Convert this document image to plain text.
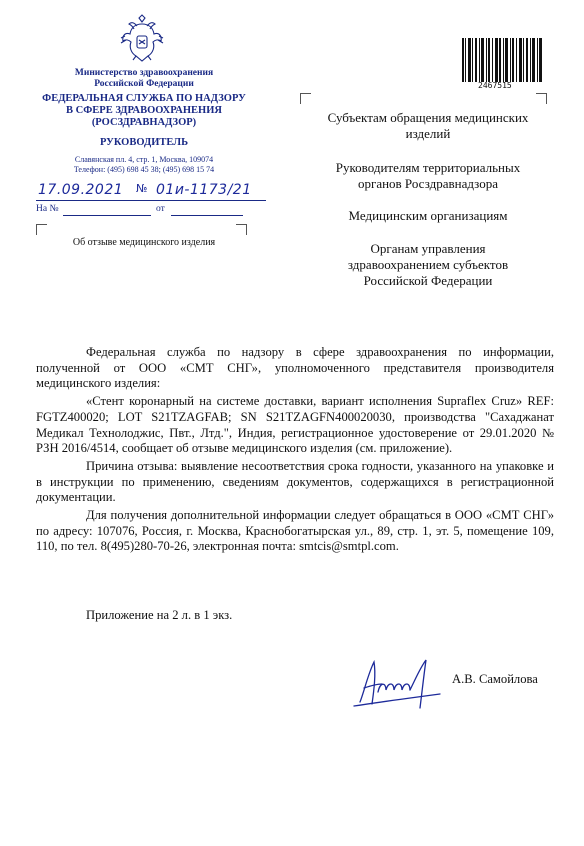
Министерство здравоохранения
Российской Федерации
ФЕДЕРАЛЬНАЯ СЛУЖБА ПО НАДЗОРУ
В СФЕРЕ ЗДРАВООХРАНЕНИЯ
(РОСЗДРАВНАДЗОР)
РУКОВОДИТЕЛЬ
Славянская пл. 4, стр. 1, Москва, 109074
Телефон: (495) 698 45 38; (495) 698 15 74
17.09.2021 № 01и-1173/21
На №	от
Об отзыве медицинского изделия
2467515
Субъектам обращения медицинских изделий
Руководителям территориальных органов Росздравнадзора
Медицинским организациям
Органам управления здравоохранением субъектов Российской Федерации

Федеральная служба по надзору в сфере здравоохранения по информации, полученной от ООО «СМТ СНГ», уполномоченного представителя производителя медицинского изделия:

«Стент коронарный на системе доставки, вариант исполнения Supraflex Cruz» REF: FGTZ400020; LOT S21TZAGFAB; SN S21TZAGFN400020030, производства "Сахаджанат Медикал Технолоджис, Пвт., Лтд.", Индия, регистрационное удостоверение от 29.01.2020 № РЗН 2016/4514, сообщает об отзыве медицинского изделия (см. приложение).

Причина отзыва: выявление несоответствия срока годности, указанного на упаковке и в инструкции по применению, сведениям документов, содержащихся в регистрационной документации.

Для получения дополнительной информации следует обращаться в ООО «СМТ СНГ» по адресу: 107076, Россия, г. Москва, Краснобогатырская ул., 89, стр. 1, эт. 5, помещение 109, 110, по тел. 8(495)280-70-26, электронная почта: smtcis@smtpl.com.

Приложение на 2 л. в 1 экз.
А.В. Самойлова
